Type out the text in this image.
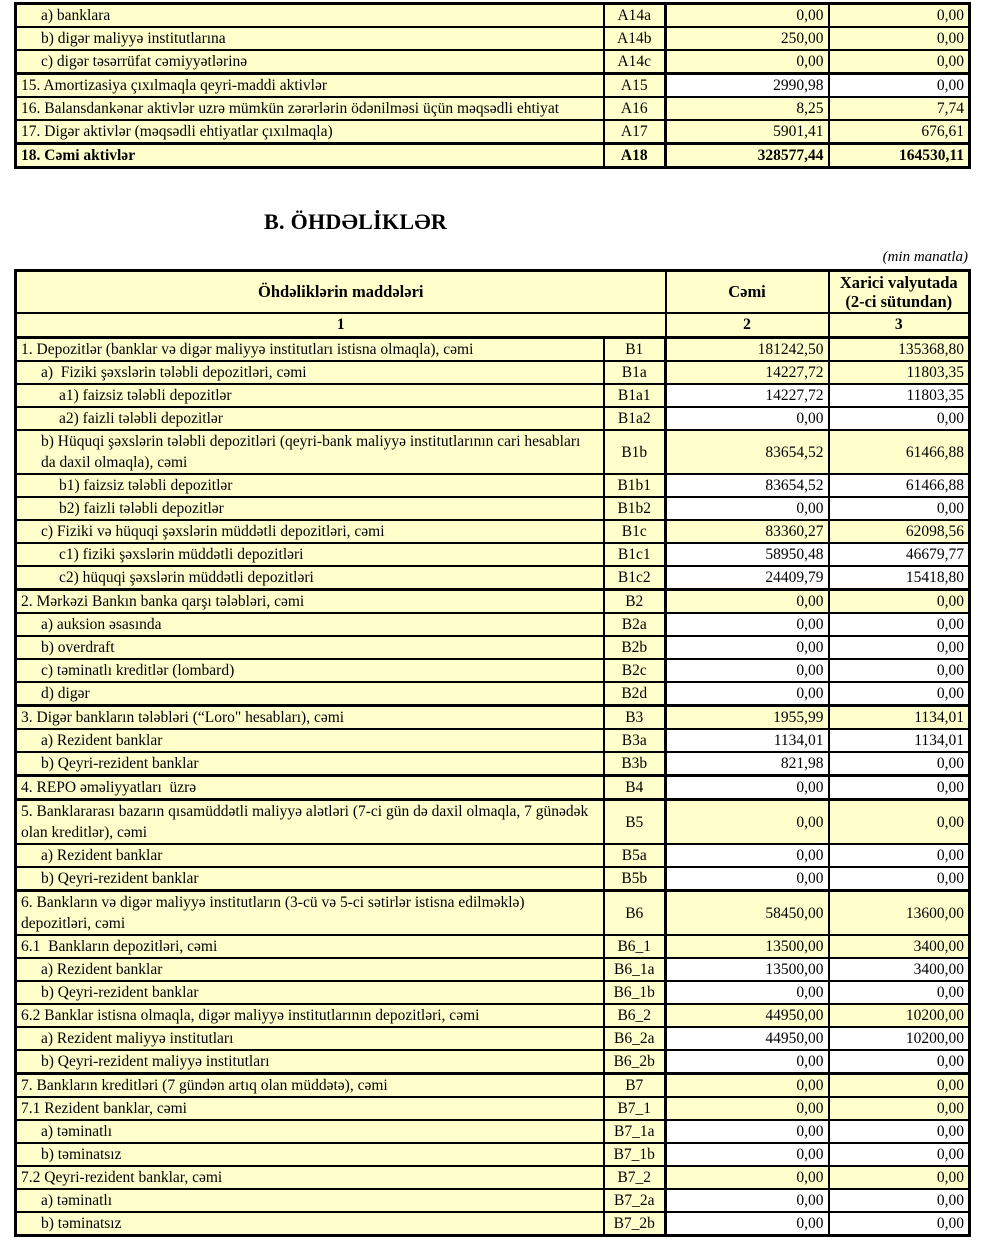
a) banklara	A14a	0,00	0,00
b) digər maliyyə institutlarına	A14b	250,00	0,00
c) digər təsərrüfat cəmiyyətlərinə	A14c	0,00	0,00
15. Amortizasiya çıxılmaqla qeyri-maddi aktivlər	A15	2990,98	0,00
16. Balansdankənar aktivlər uzrə mümkün zərərlərin ödənilməsi üçün məqsədli ehtiyat	A16	8,25	7,74
17. Digər aktivlər (məqsədli ehtiyatlar çıxılmaqla)	A17	5901,41	676,61
18. Cəmi aktivlər	A18	328577,44	164530,11
B. ÖHDƏLİKLƏR
(min manatla)
Öhdəliklərin maddələri		Cəmi	Xarici valyutada (2-ci sütundan)
1		2	3
1. Depozitlər (banklar və digər maliyyə institutları istisna olmaqla), cəmi	B1	181242,50	135368,80
a)  Fiziki şəxslərin tələbli depozitləri, cəmi	B1a	14227,72	11803,35
a1) faizsiz tələbli depozitlər	B1a1	14227,72	11803,35
a2) faizli tələbli depozitlər	B1a2	0,00	0,00
b) Hüquqi şəxslərin tələbli depozitləri (qeyri-bank maliyyə institutlarının cari hesabları da daxil olmaqla), cəmi	B1b	83654,52	61466,88
b1) faizsiz tələbli depozitlər	B1b1	83654,52	61466,88
b2) faizli tələbli depozitlər	B1b2	0,00	0,00
c) Fiziki və hüquqi şəxslərin müddətli depozitləri, cəmi	B1c	83360,27	62098,56
c1) fiziki şəxslərin müddətli depozitləri	B1c1	58950,48	46679,77
c2) hüquqi şəxslərin müddətli depozitləri	B1c2	24409,79	15418,80
2. Mərkəzi Bankın banka qarşı tələbləri, cəmi	B2	0,00	0,00
a) auksion əsasında	B2a	0,00	0,00
b) overdraft	B2b	0,00	0,00
c) təminatlı kreditlər (lombard)	B2c	0,00	0,00
d) digər	B2d	0,00	0,00
3. Digər bankların tələbləri (“Loro" hesabları), cəmi	B3	1955,99	1134,01
a) Rezident banklar	B3a	1134,01	1134,01
b) Qeyri-rezident banklar	B3b	821,98	0,00
4. REPO əməliyyatları  üzrə	B4	0,00	0,00
5. Banklararası bazarın qısamüddətli maliyyə alətləri (7-ci gün də daxil olmaqla, 7 günədək olan kreditlər), cəmi	B5	0,00	0,00
a) Rezident banklar	B5a	0,00	0,00
b) Qeyri-rezident banklar	B5b	0,00	0,00
6. Bankların və digər maliyyə institutların (3-cü və 5-ci sətirlər istisna edilməklə) depozitləri, cəmi	B6	58450,00	13600,00
6.1  Bankların depozitləri, cəmi	B6_1	13500,00	3400,00
a) Rezident banklar	B6_1a	13500,00	3400,00
b) Qeyri-rezident banklar	B6_1b	0,00	0,00
6.2 Banklar istisna olmaqla, digər maliyyə institutlarının depozitləri, cəmi	B6_2	44950,00	10200,00
a) Rezident maliyyə institutları	B6_2a	44950,00	10200,00
b) Qeyri-rezident maliyyə institutları	B6_2b	0,00	0,00
7. Bankların kreditləri (7 gündən artıq olan müddətə), cəmi	B7	0,00	0,00
7.1 Rezident banklar, cəmi	B7_1	0,00	0,00
a) təminatlı	B7_1a	0,00	0,00
b) təminatsız	B7_1b	0,00	0,00
7.2 Qeyri-rezident banklar, cəmi	B7_2	0,00	0,00
a) təminatlı	B7_2a	0,00	0,00
b) təminatsız	B7_2b	0,00	0,00
